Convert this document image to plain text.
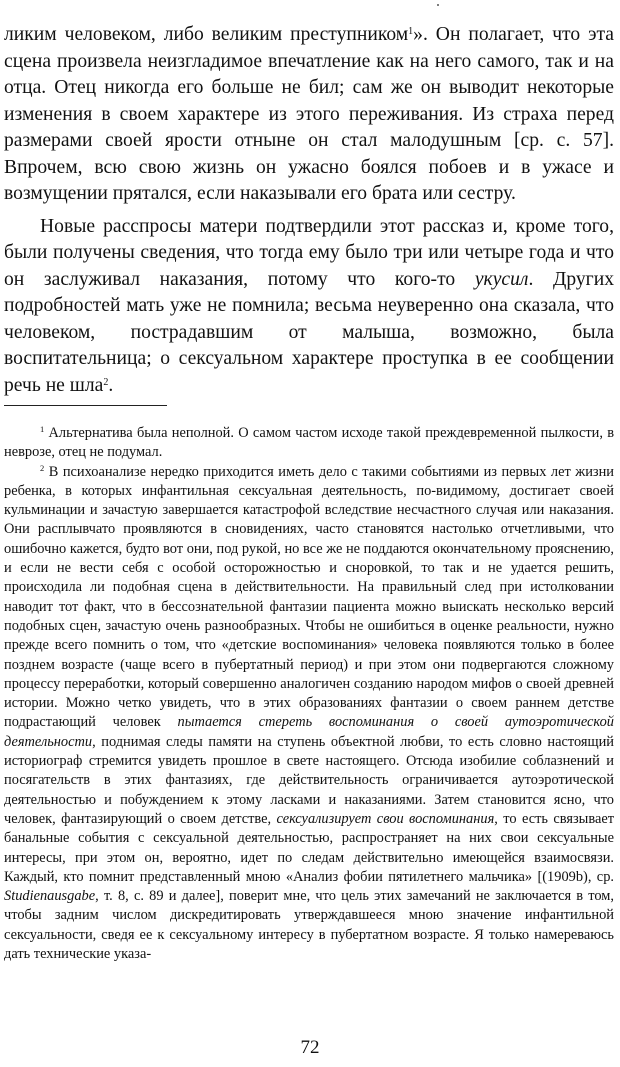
ликим человеком, либо великим преступником$^1$». Он полагает, что эта сцена произвела неизгладимое впечатление как на него самого, так и на отца. Отец никогда его больше не бил; сам же он выводит некоторые изменения в своем характере из этого переживания. Из страха перед размерами своей ярости отныне он стал малодушным [ср. с. 57]. Впрочем, всю свою жизнь он ужасно боялся побоев и в ужасе и возмущении прятался, если наказывали его брата или сестру.

Новые расспросы матери подтвердили этот рассказ и, кроме того, были получены сведения, что тогда ему было три или четыре года и что он заслуживал наказания, потому что кого-то укусил. Других подробностей мать уже не помнила; весьма неуверенно она сказала, что человеком, пострадавшим от малыша, возможно, была воспитательница; о сексуальном характере проступка в ее сообщении речь не шла$^2$.

$^1$ Альтернатива была неполной. О самом частом исходе такой преждевременной пылкости, в неврозе, отец не подумал.

$^2$ В психоанализе нередко приходится иметь дело с такими событиями из первых лет жизни ребенка, в которых инфантильная сексуальная деятельность, по-видимому, достигает своей кульминации и зачастую завершается катастрофой вследствие несчастного случая или наказания. Они расплывчато проявляются в сновидениях, часто становятся настолько отчетливыми, что ошибочно кажется, будто вот они, под рукой, но все же не поддаются окончательному прояснению, и если не вести себя с особой осторожностью и сноровкой, то так и не удается решить, происходила ли подобная сцена в действительности. На правильный след при истолковании наводит тот факт, что в бессознательной фантазии пациента можно выискать несколько версий подобных сцен, зачастую очень разнообразных. Чтобы не ошибиться в оценке реальности, нужно прежде всего помнить о том, что «детские воспоминания» человека появляются только в более позднем возрасте (чаще всего в пубертатный период) и при этом они подвергаются сложному процессу переработки, который совершенно аналогичен созданию народом мифов о своей древней истории. Можно четко увидеть, что в этих образованиях фантазии о своем раннем детстве подрастающий человек пытается стереть воспоминания о своей аутоэротической деятельности, поднимая следы памяти на ступень объектной любви, то есть словно настоящий историограф стремится увидеть прошлое в свете настоящего. Отсюда изобилие соблазнений и посягательств в этих фантазиях, где действительность ограничивается аутоэротической деятельностью и побуждением к этому ласками и наказаниями. Затем становится ясно, что человек, фантазирующий о своем детстве, сексуализирует свои воспоминания, то есть связывает банальные события с сексуальной деятельностью, распространяет на них свои сексуальные интересы, при этом он, вероятно, идет по следам действительно имеющейся взаимосвязи. Каждый, кто помнит представленный мною «Анализ фобии пятилетнего мальчика» [(1909b), ср. Studienausgabe, т. 8, с. 89 и далее], поверит мне, что цель этих замечаний не заключается в том, чтобы задним числом дискредитировать утверждавшееся мною значение инфантильной сексуальности, сведя ее к сексуальному интересу в пубертатном возрасте. Я только намереваюсь дать технические указа-

72
